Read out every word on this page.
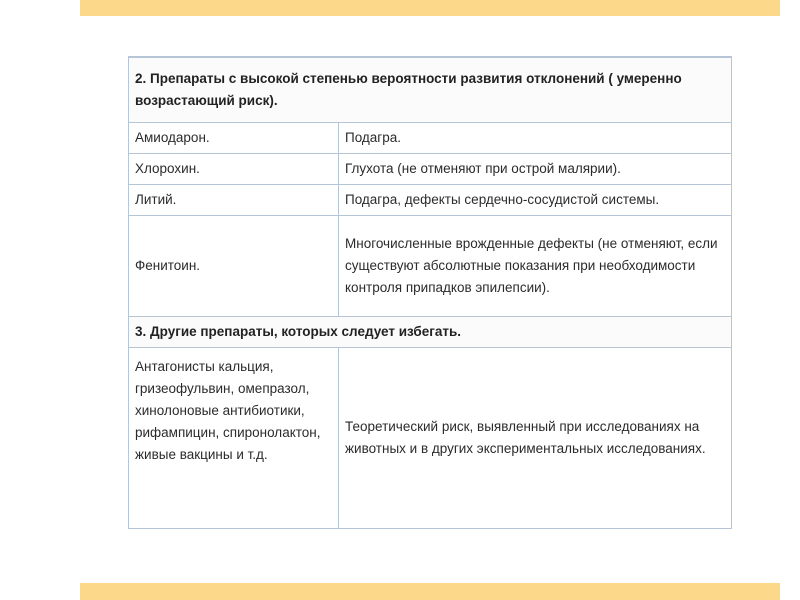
2. Препараты с высокой степенью вероятности развития отклонений ( умеренно возрастающий риск).	
Амиодарон.	Подагра.
Хлорохин.	Глухота (не отменяют при острой малярии).
Литий.	Подагра, дефекты сердечно-сосудистой системы.
Фенитоин.	Многочисленные врожденные дефекты (не отменяют, если существуют абсолютные показания при необходимости контроля припадков эпилепсии).
3. Другие препараты, которых следует избегать.	
Антагонисты кальция, гризеофульвин, омепразол, хинолоновые антибиотики, рифампицин, спиронолактон, живые вакцины и т.д.	Теоретический риск, выявленный при исследованиях на животных и в других экспериментальных исследованиях.
